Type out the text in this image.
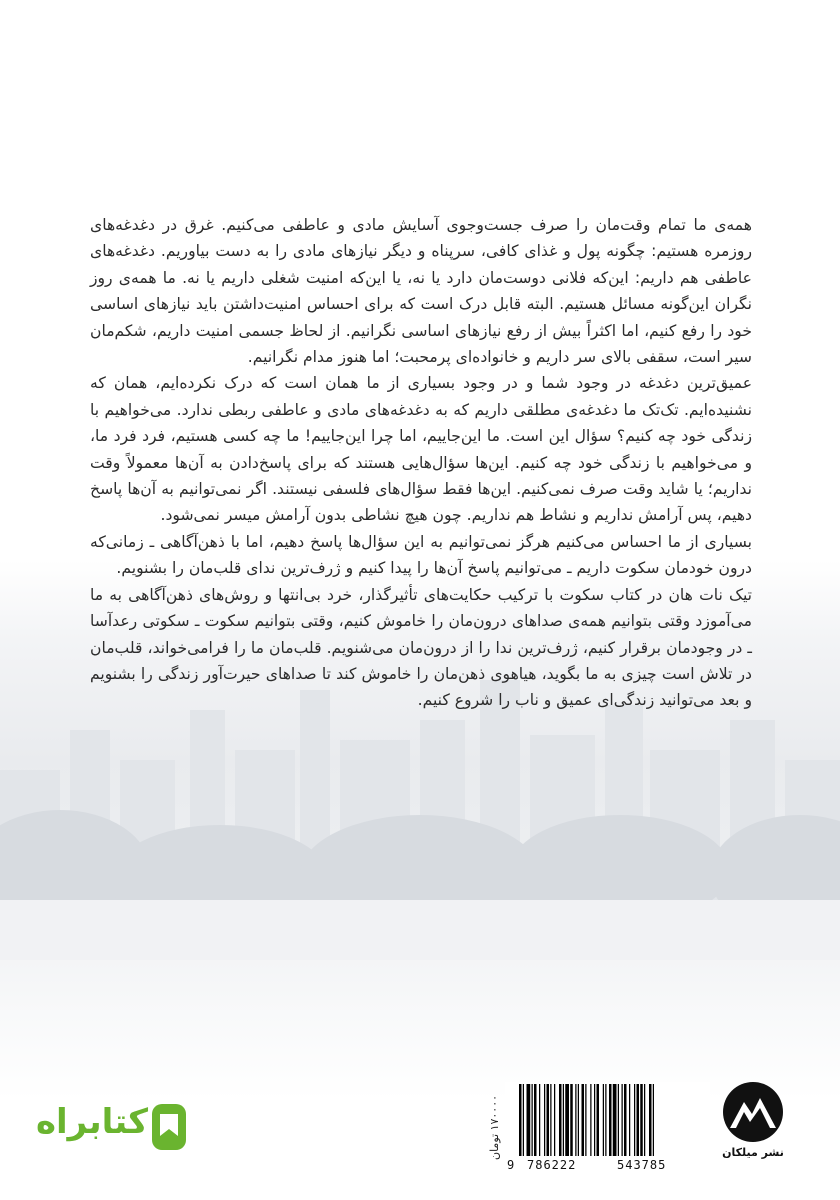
همه‌ی ما تمام وقت‌مان را صرف جست‌وجوی آسایش مادی و عاطفی می‌کنیم. غرق در دغدغه‌های روزمره هستیم: چگونه پول و غذای کافی، سرپناه و دیگر نیازهای مادی را به دست بیاوریم. دغدغه‌های عاطفی هم داریم: این‌که فلانی دوست‌مان دارد یا نه، یا این‌که امنیت شغلی داریم یا نه. ما همه‌ی روز نگران این‌گونه مسائل هستیم. البته قابل درک است که برای احساس امنیت‌داشتن باید نیازهای اساسی خود را رفع کنیم، اما اکثراً بیش از رفع نیازهای اساسی نگرانیم. از لحاظ جسمی امنیت داریم، شکم‌مان سیر است، سقفی بالای سر داریم و خانواده‌ای پرمحبت؛ اما هنوز مدام نگرانیم.

عمیق‌ترین دغدغه در وجود شما و در وجود بسیاری از ما همان است که درک نکرده‌ایم، همان که نشنیده‌ایم. تک‌تک ما دغدغه‌ی مطلقی داریم که به دغدغه‌های مادی و عاطفی ربطی ندارد. می‌خواهیم با زندگی خود چه کنیم؟ سؤال این است. ما این‌جاییم، اما چرا این‌جاییم! ما چه کسی هستیم، فرد فرد ما، و می‌خواهیم با زندگی خود چه کنیم. این‌ها سؤال‌هایی هستند که برای پاسخ‌دادن به آن‌ها معمولاً وقت نداریم؛ یا شاید وقت صرف نمی‌کنیم. این‌ها فقط سؤال‌های فلسفی نیستند. اگر نمی‌توانیم به آن‌ها پاسخ دهیم، پس آرامش نداریم و نشاط هم نداریم. چون هیچ نشاطی بدون آرامش میسر نمی‌شود.

بسیاری از ما احساس می‌کنیم هرگز نمی‌توانیم به این سؤال‌ها پاسخ دهیم، اما با ذهن‌آگاهی ـ زمانی‌که درون خودمان سکوت داریم ـ می‌توانیم پاسخ آن‌ها را پیدا کنیم و ژرف‌ترین ندای قلب‌مان را بشنویم.

تیک نات هان در کتاب سکوت با ترکیب حکایت‌های تأثیرگذار، خرد بی‌انتها و روش‌های ذهن‌آگاهی به ما می‌آموزد وقتی بتوانیم همه‌ی صداهای درون‌مان را خاموش کنیم، وقتی بتوانیم سکوت ـ سکوتی رعدآسا ـ در وجودمان برقرار کنیم، ژرف‌ترین ندا را از درون‌مان می‌شنویم. قلب‌مان ما را فرامی‌خواند، قلب‌مان در تلاش است چیزی به ما بگوید، هیاهوی ذهن‌مان را خاموش کند تا صداهای حیرت‌آور زندگی را بشنویم و بعد می‌توانید زندگی‌ای عمیق و ناب را شروع کنیم.

۱۷۰۰۰۰ تومان
9 786222	543785
نشر میلکان
کتابراه
